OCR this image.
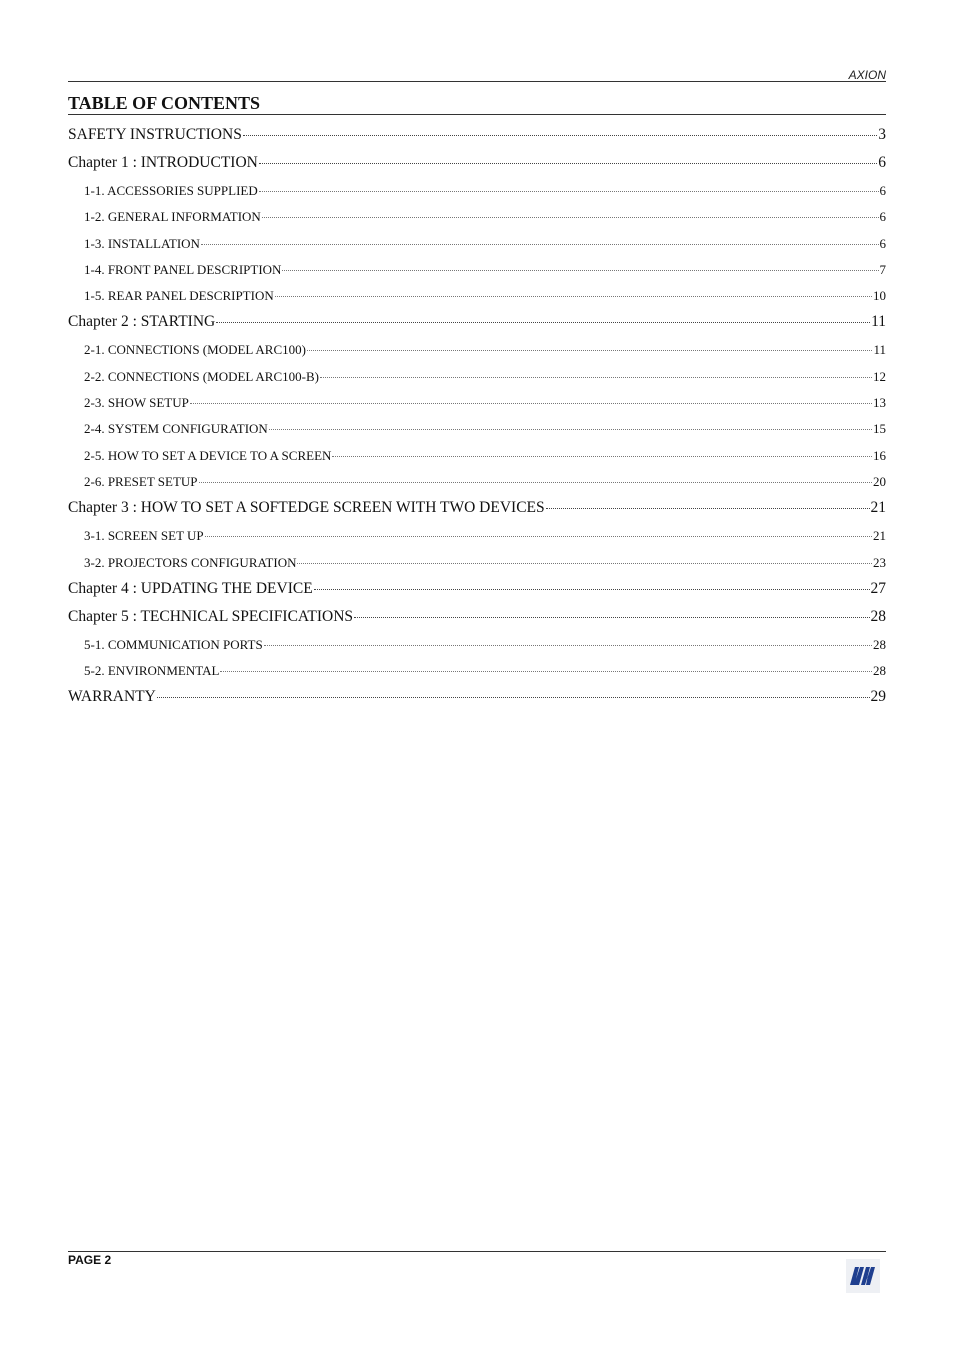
AXION
TABLE OF CONTENTS
SAFETY INSTRUCTIONS	3
Chapter 1 : INTRODUCTION	6
1-1. ACCESSORIES SUPPLIED	6
1-2. GENERAL INFORMATION	6
1-3. INSTALLATION	6
1-4. FRONT PANEL DESCRIPTION	7
1-5. REAR PANEL DESCRIPTION	10
Chapter 2 : STARTING	11
2-1. CONNECTIONS (MODEL ARC100)	11
2-2. CONNECTIONS (MODEL ARC100-B)	12
2-3. SHOW SETUP	13
2-4. SYSTEM CONFIGURATION	15
2-5. HOW TO SET A DEVICE TO A SCREEN	16
2-6. PRESET SETUP	20
Chapter 3 : HOW TO SET A SOFTEDGE SCREEN WITH TWO DEVICES	21
3-1. SCREEN SET UP	21
3-2. PROJECTORS CONFIGURATION	23
Chapter 4 : UPDATING THE DEVICE	27
Chapter 5 : TECHNICAL SPECIFICATIONS	28
5-1. COMMUNICATION PORTS	28
5-2. ENVIRONMENTAL	28
WARRANTY	29
PAGE 2
